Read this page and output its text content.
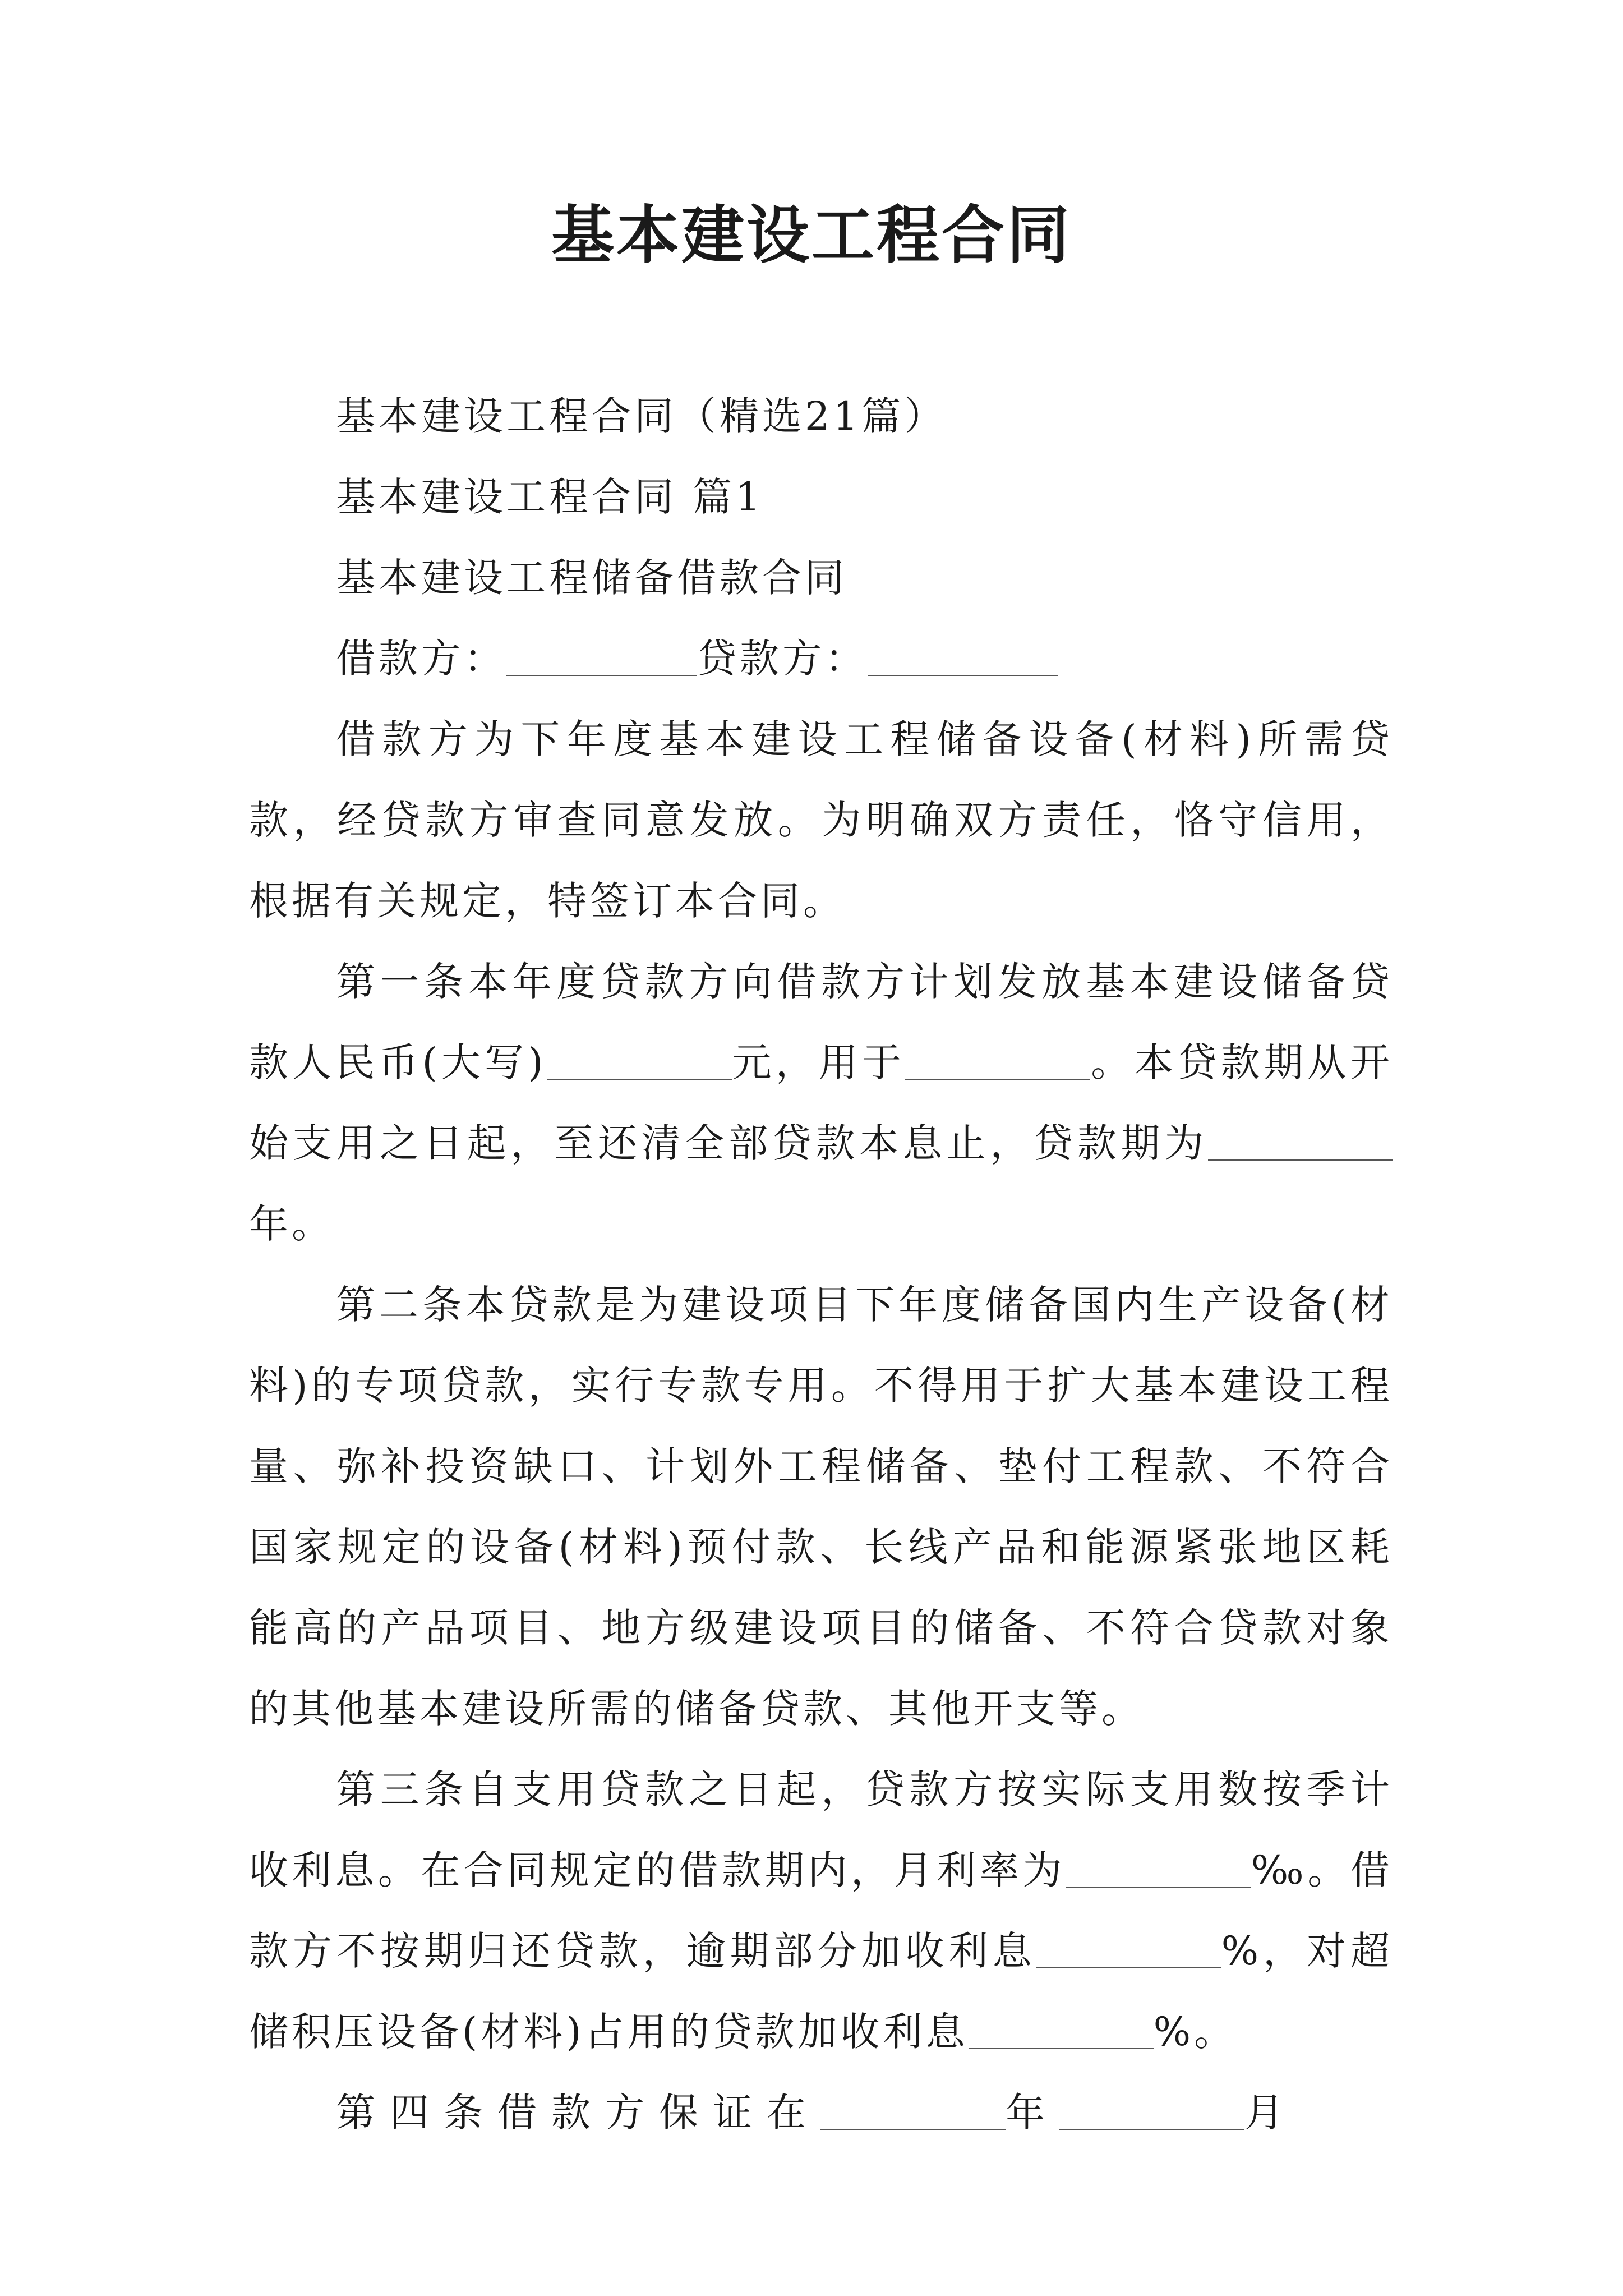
基本建设工程合同

基本建设工程合同（精选21篇）

基本建设工程合同 篇1

基本建设工程储备借款合同

借款方：	贷款方：

借款方为下年度基本建设工程储备设备(材料)所需贷款，经贷款方审查同意发放。为明确双方责任，恪守信用，根据有关规定，特签订本合同。

第一条本年度贷款方向借款方计划发放基本建设储备贷款人民币(大写)	元，用于	。本贷款期从开始支用之日起，至还清全部贷款本息止，贷款期为年。

第二条本贷款是为建设项目下年度储备国内生产设备(材料)的专项贷款，实行专款专用。不得用于扩大基本建设工程量、弥补投资缺口、计划外工程储备、垫付工程款、不符合国家规定的设备(材料)预付款、长线产品和能源紧张地区耗能高的产品项目、地方级建设项目的储备、不符合贷款对象的其他基本建设所需的储备贷款、其他开支等。

第三条自支用贷款之日起，贷款方按实际支用数按季计收利息。在合同规定的借款期内，月利率为	‰。借款方不按期归还贷款，逾期部分加收利息	%，对超储积压设备(材料)占用的贷款加收利息	%。

第四条借款方保证在	年	月
